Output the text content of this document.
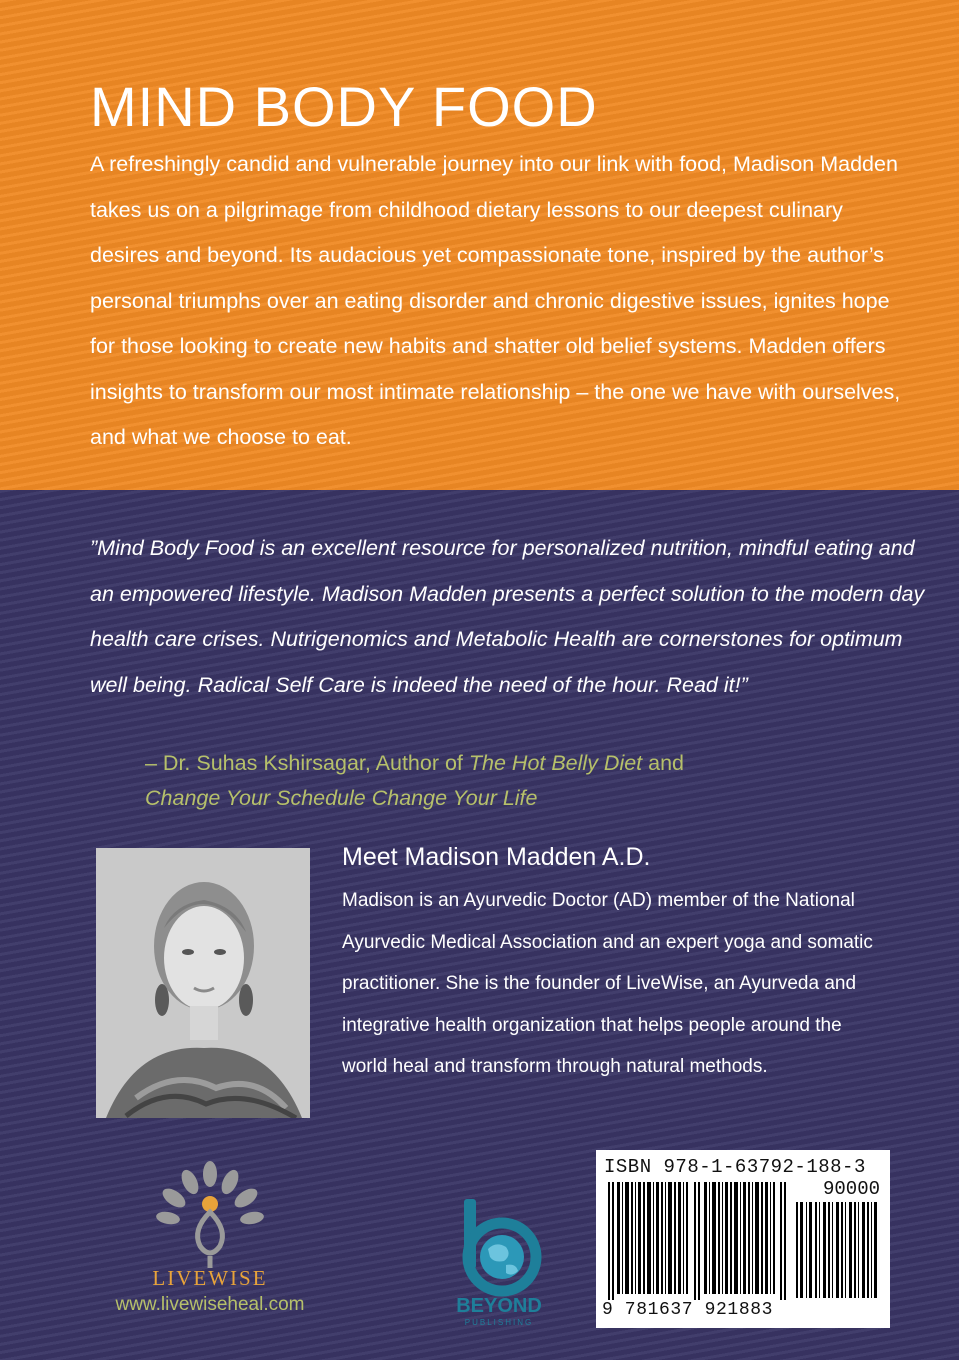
MIND BODY FOOD

A refreshingly candid and vulnerable journey into our link with food, Madison Madden takes us on a pilgrimage from childhood dietary lessons to our deepest culinary desires and beyond. Its audacious yet compassionate tone, inspired by the author’s personal triumphs over an eating disorder and chronic digestive issues, ignites hope for those looking to create new habits and shatter old belief systems. Madden offers insights to transform our most intimate relationship – the one we have with ourselves, and what we choose to eat.

”Mind Body Food is an excellent resource for personalized nutrition, mindful eating and an empowered lifestyle. Madison Madden presents a perfect solution to the modern day health care crises. Nutrigenomics and Metabolic Health are cornerstones for optimum well being. Radical Self Care is indeed the need of the hour. Read it!”

– Dr. Suhas Kshirsagar, Author of The Hot Belly Diet and
Change Your Schedule Change Your Life

Meet Madison Madden A.D.

Madison is an Ayurvedic Doctor (AD) member of the National Ayurvedic Medical Association and an expert yoga and somatic practitioner. She is the founder of LiveWise, an Ayurveda and integrative health organization that helps people around the world heal and transform through natural methods.

LIVEWISE
www.livewiseheal.com	BEYOND
PUBLISHING

ISBN 978-1-63792-188-3

90000

9 781637 921883
